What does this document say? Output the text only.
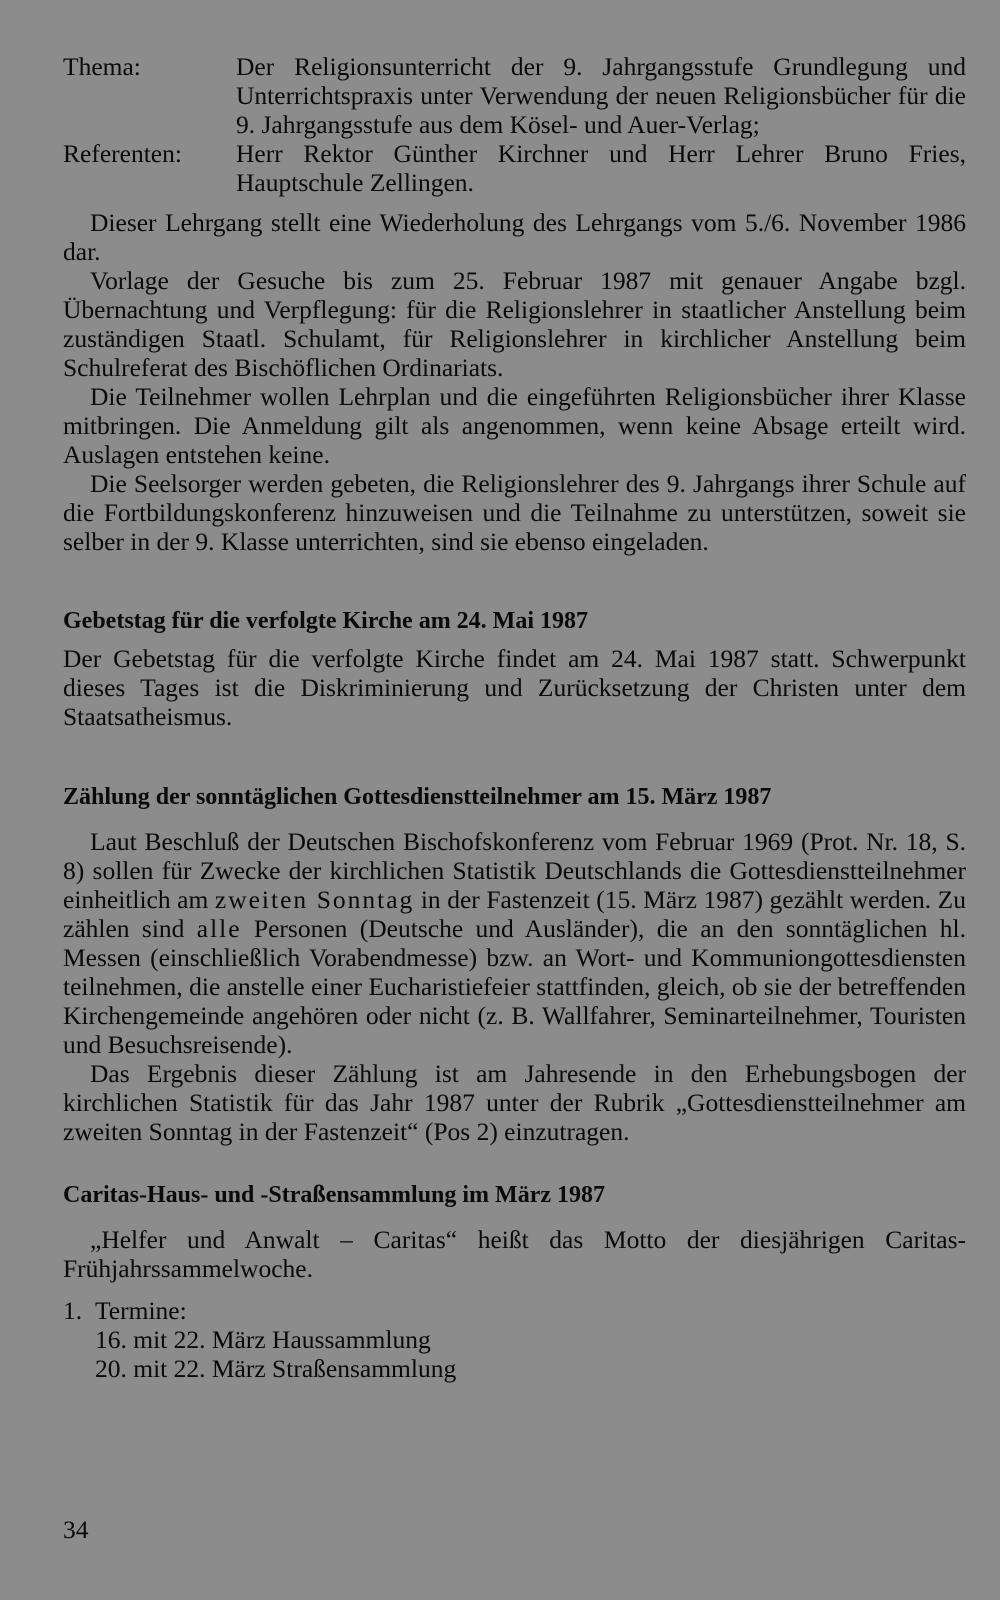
Thema:	Der Religionsunterricht der 9. Jahrgangsstufe Grundlegung und Unterrichtspraxis unter Verwendung der neuen Religionsbücher für die 9. Jahrgangsstufe aus dem Kösel- und Auer-Verlag;
Referenten:	Herr Rektor Günther Kirchner und Herr Lehrer Bruno Fries, Hauptschule Zellingen.

Dieser Lehrgang stellt eine Wiederholung des Lehrgangs vom 5./6. November 1986 dar.

Vorlage der Gesuche bis zum 25. Februar 1987 mit genauer Angabe bzgl. Übernachtung und Verpflegung: für die Religionslehrer in staatlicher Anstellung beim zuständigen Staatl. Schulamt, für Religionslehrer in kirchlicher Anstellung beim Schulreferat des Bischöflichen Ordinariats.

Die Teilnehmer wollen Lehrplan und die eingeführten Religionsbücher ihrer Klasse mitbringen. Die Anmeldung gilt als angenommen, wenn keine Absage erteilt wird. Auslagen entstehen keine.

Die Seelsorger werden gebeten, die Religionslehrer des 9. Jahrgangs ihrer Schule auf die Fortbildungskonferenz hinzuweisen und die Teilnahme zu unterstützen, soweit sie selber in der 9. Klasse unterrichten, sind sie ebenso eingeladen.

Gebetstag für die verfolgte Kirche am 24. Mai 1987

Der Gebetstag für die verfolgte Kirche findet am 24. Mai 1987 statt. Schwerpunkt dieses Tages ist die Diskriminierung und Zurücksetzung der Christen unter dem Staatsatheismus.

Zählung der sonntäglichen Gottesdienstteilnehmer am 15. März 1987

Laut Beschluß der Deutschen Bischofskonferenz vom Februar 1969 (Prot. Nr. 18, S. 8) sollen für Zwecke der kirchlichen Statistik Deutschlands die Gottesdienstteilnehmer einheitlich am zweiten Sonntag in der Fastenzeit (15. März 1987) gezählt werden. Zu zählen sind alle Personen (Deutsche und Ausländer), die an den sonntäglichen hl. Messen (einschließlich Vorabendmesse) bzw. an Wort- und Kommuniongottesdiensten teilnehmen, die anstelle einer Eucharistiefeier stattfinden, gleich, ob sie der betreffenden Kirchengemeinde angehören oder nicht (z. B. Wallfahrer, Seminarteilnehmer, Touristen und Besuchsreisende).

Das Ergebnis dieser Zählung ist am Jahresende in den Erhebungsbogen der kirchlichen Statistik für das Jahr 1987 unter der Rubrik „Gottesdienstteilnehmer am zweiten Sonntag in der Fastenzeit“ (Pos 2) einzutragen.

Caritas-Haus- und -Straßensammlung im März 1987

„Helfer und Anwalt – Caritas“ heißt das Motto der diesjährigen Caritas-Frühjahrssammelwoche.

1. Termine:
16. mit 22. März Haussammlung
20. mit 22. März Straßensammlung
34
